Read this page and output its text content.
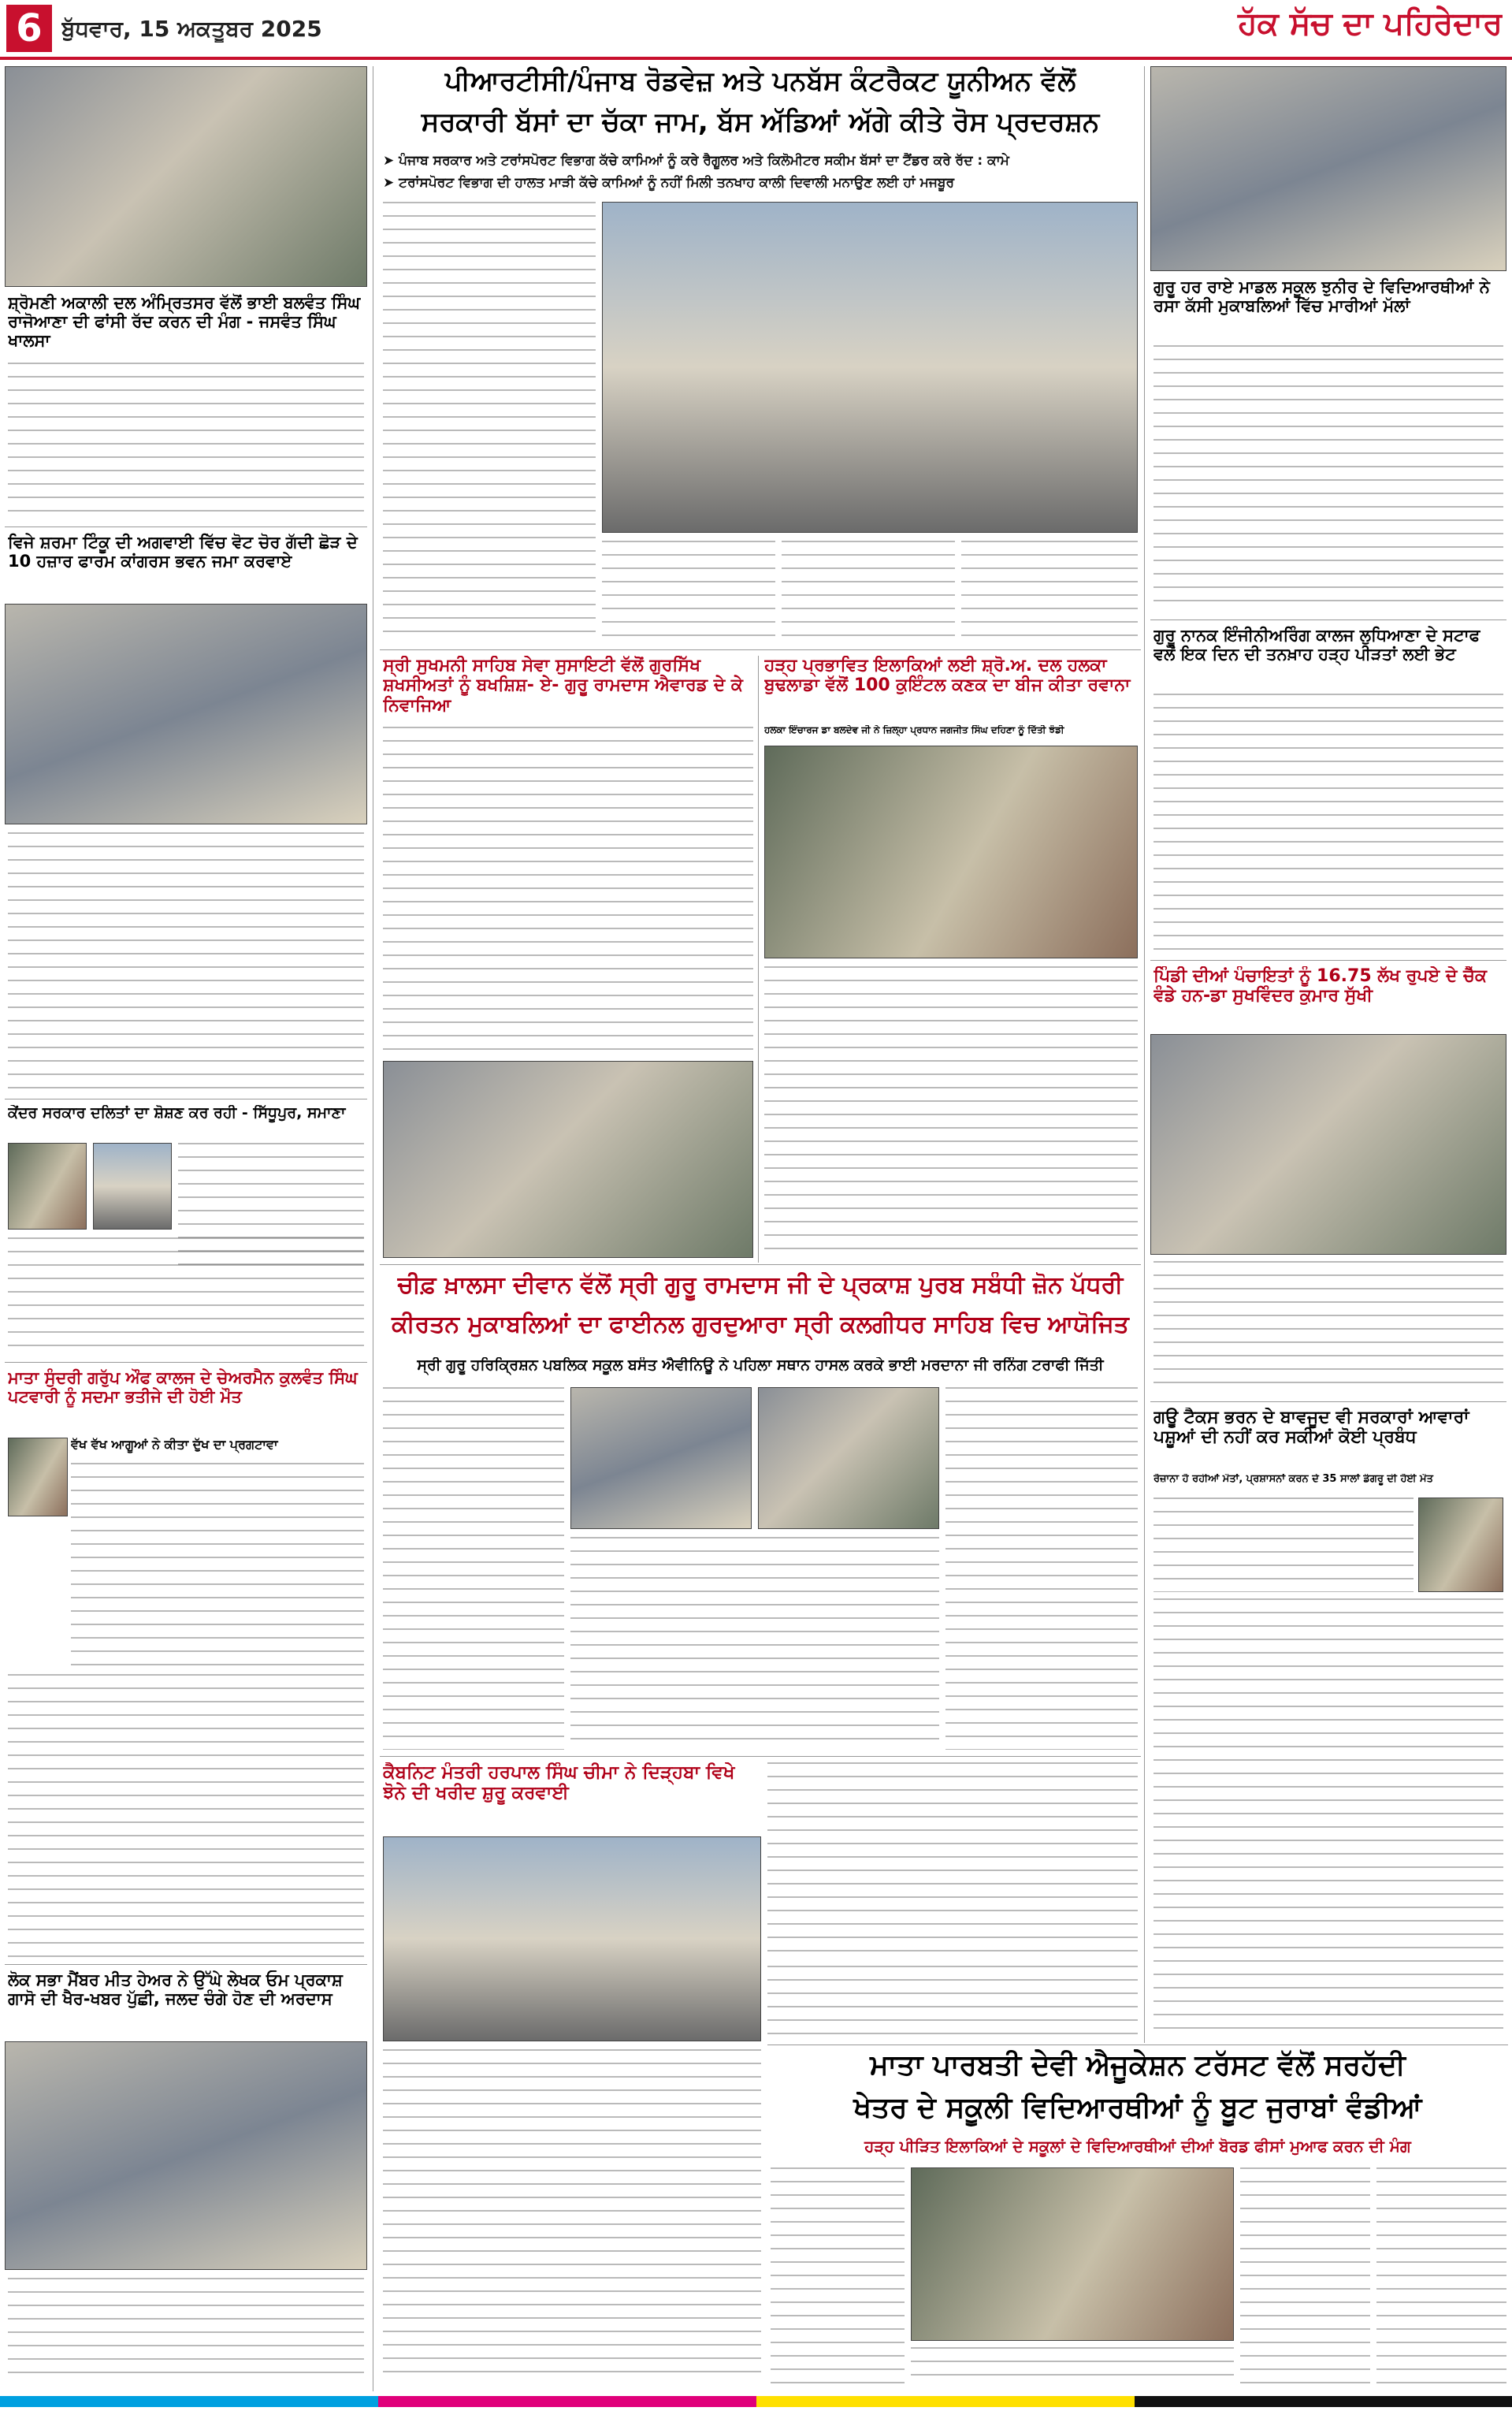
6 ਬੁੱਧਵਾਰ, 15 ਅਕਤੂਬਰ 2025	ਹੱਕ ਸੱਚ ਦਾ ਪਹਿਰੇਦਾਰ
ਸ਼੍ਰੋਮਣੀ ਅਕਾਲੀ ਦਲ ਅੰਮ੍ਰਿਤਸਰ ਵੱਲੋਂ ਭਾਈ ਬਲਵੰਤ ਸਿੰਘ ਰਾਜੋਆਣਾ ਦੀ ਫਾਂਸੀ ਰੱਦ ਕਰਨ ਦੀ ਮੰਗ - ਜਸਵੰਤ ਸਿੰਘ ਖਾਲਸਾ
ਵਿਜੇ ਸ਼ਰਮਾ ਟਿੰਕੂ ਦੀ ਅਗਵਾਈ ਵਿੱਚ ਵੋਟ ਚੋਰ ਗੱਦੀ ਛੋੜ ਦੇ 10 ਹਜ਼ਾਰ ਫਾਰਮ ਕਾਂਗਰਸ ਭਵਨ ਜਮਾ ਕਰਵਾਏ
ਕੇਂਦਰ ਸਰਕਾਰ ਦਲਿਤਾਂ ਦਾ ਸ਼ੋਸ਼ਣ ਕਰ ਰਹੀ - ਸਿੱਧੂਪੁਰ, ਸਮਾਣਾ
ਮਾਤਾ ਸੁੰਦਰੀ ਗਰੁੱਪ ਔਫ ਕਾਲਜ ਦੇ ਚੇਅਰਮੈਨ ਕੁਲਵੰਤ ਸਿੰਘ ਪਟਵਾਰੀ ਨੂੰ ਸਦਮਾ ਭਤੀਜੇ ਦੀ ਹੋਈ ਮੌਤ
ਵੱਖ ਵੱਖ ਆਗੂਆਂ ਨੇ ਕੀਤਾ ਦੁੱਖ ਦਾ ਪ੍ਰਗਟਾਵਾ
ਲੋਕ ਸਭਾ ਮੈਂਬਰ ਮੀਤ ਹੇਅਰ ਨੇ ਉੱਘੇ ਲੇਖਕ ਓਮ ਪ੍ਰਕਾਸ਼ ਗਾਸੋ ਦੀ ਖੈਰ-ਖਬਰ ਪੁੱਛੀ, ਜਲਦ ਚੰਗੇ ਹੋਣ ਦੀ ਅਰਦਾਸ
ਪੀਆਰਟੀਸੀ/ਪੰਜਾਬ ਰੋਡਵੇਜ਼ ਅਤੇ ਪਨਬੱਸ ਕੰਟਰੈਕਟ ਯੂਨੀਅਨ ਵੱਲੋਂ
ਸਰਕਾਰੀ ਬੱਸਾਂ ਦਾ ਚੱਕਾ ਜਾਮ, ਬੱਸ ਅੱਡਿਆਂ ਅੱਗੇ ਕੀਤੇ ਰੋਸ ਪ੍ਰਦਰਸ਼ਨ
➤ ਪੰਜਾਬ ਸਰਕਾਰ ਅਤੇ ਟਰਾਂਸਪੋਰਟ ਵਿਭਾਗ ਕੱਚੇ ਕਾਮਿਆਂ ਨੂੰ ਕਰੇ ਰੈਗੂਲਰ ਅਤੇ ਕਿਲੋਮੀਟਰ ਸਕੀਮ ਬੱਸਾਂ ਦਾ ਟੈਂਡਰ ਕਰੇ ਰੱਦ : ਕਾਮੇ
➤ ਟਰਾਂਸਪੋਰਟ ਵਿਭਾਗ ਦੀ ਹਾਲਤ ਮਾੜੀ ਕੱਚੇ ਕਾਮਿਆਂ ਨੂੰ ਨਹੀਂ ਮਿਲੀ ਤਨਖਾਹ ਕਾਲੀ ਦਿਵਾਲੀ ਮਨਾਉਣ ਲਈ ਹਾਂ ਮਜਬੂਰ
ਸ੍ਰੀ ਸੁਖਮਨੀ ਸਾਹਿਬ ਸੇਵਾ ਸੁਸਾਇਟੀ ਵੱਲੋਂ ਗੁਰਸਿੱਖ ਸ਼ਖਸੀਅਤਾਂ ਨੂੰ ਬਖਸ਼ਿਸ਼- ਏ- ਗੁਰੂ ਰਾਮਦਾਸ ਐਵਾਰਡ ਦੇ ਕੇ ਨਿਵਾਜਿਆ
ਹੜ੍ਹ ਪ੍ਰਭਾਵਿਤ ਇਲਾਕਿਆਂ ਲਈ ਸ਼੍ਰੋ.ਅ. ਦਲ ਹਲਕਾ ਬੁਢਲਾਡਾ ਵੱਲੋਂ 100 ਕੁਇੰਟਲ ਕਣਕ ਦਾ ਬੀਜ ਕੀਤਾ ਰਵਾਨਾ
ਹਲਕਾ ਇੰਚਾਰਜ ਡਾ ਬਲਦੇਵ ਜੀ ਨੇ ਜ਼ਿਲ੍ਹਾ ਪ੍ਰਧਾਨ ਜਗਜੀਤ ਸਿੰਘ ਦਹਿਣਾ ਨੂੰ ਦਿੱਤੀ ਝੰਡੀ
ਚੀਫ਼ ਖ਼ਾਲਸਾ ਦੀਵਾਨ ਵੱਲੋਂ ਸ੍ਰੀ ਗੁਰੂ ਰਾਮਦਾਸ ਜੀ ਦੇ ਪ੍ਰਕਾਸ਼ ਪੁਰਬ ਸਬੰਧੀ ਜ਼ੋਨ ਪੱਧਰੀ
ਕੀਰਤਨ ਮੁਕਾਬਲਿਆਂ ਦਾ ਫਾਈਨਲ ਗੁਰਦੁਆਰਾ ਸ੍ਰੀ ਕਲਗੀਧਰ ਸਾਹਿਬ ਵਿਚ ਆਯੋਜਿਤ
ਸ੍ਰੀ ਗੁਰੂ ਹਰਿਕ੍ਰਿਸ਼ਨ ਪਬਲਿਕ ਸਕੂਲ ਬਸੰਤ ਐਵੀਨਿਊ ਨੇ ਪਹਿਲਾ ਸਥਾਨ ਹਾਸਲ ਕਰਕੇ ਭਾਈ ਮਰਦਾਨਾ ਜੀ ਰਨਿੰਗ ਟਰਾਫੀ ਜਿੱਤੀ
ਕੈਬਨਿਟ ਮੰਤਰੀ ਹਰਪਾਲ ਸਿੰਘ ਚੀਮਾ ਨੇ ਦਿੜ੍ਹਬਾ ਵਿਖੇ ਝੋਨੇ ਦੀ ਖਰੀਦ ਸ਼ੁਰੂ ਕਰਵਾਈ
ਮਾਤਾ ਪਾਰਬਤੀ ਦੇਵੀ ਐਜੂਕੇਸ਼ਨ ਟਰੱਸਟ ਵੱਲੋਂ ਸਰਹੱਦੀ
ਖੇਤਰ ਦੇ ਸਕੂਲੀ ਵਿਦਿਆਰਥੀਆਂ ਨੂੰ ਬੂਟ ਜੁਰਾਬਾਂ ਵੰਡੀਆਂ
ਹੜ੍ਹ ਪੀੜਿਤ ਇਲਾਕਿਆਂ ਦੇ ਸਕੂਲਾਂ ਦੇ ਵਿਦਿਆਰਥੀਆਂ ਦੀਆਂ ਬੋਰਡ ਫੀਸਾਂ ਮੁਆਫ ਕਰਨ ਦੀ ਮੰਗ
ਗੁਰੂ ਹਰ ਰਾਏ ਮਾਡਲ ਸਕੂਲ ਝੁਨੀਰ ਦੇ ਵਿਦਿਆਰਥੀਆਂ ਨੇ ਰਸਾ ਕੱਸੀ ਮੁਕਾਬਲਿਆਂ ਵਿੱਚ ਮਾਰੀਆਂ ਮੱਲਾਂ
ਗੁਰੂ ਨਾਨਕ ਇੰਜੀਨੀਅਰਿੰਗ ਕਾਲਜ ਲੁਧਿਆਣਾ ਦੇ ਸਟਾਫ ਵਲੋਂ ਇਕ ਦਿਨ ਦੀ ਤਨਖ਼ਾਹ ਹੜ੍ਹ ਪੀੜਤਾਂ ਲਈ ਭੇਟ
ਪਿੰਡੀ ਦੀਆਂ ਪੰਚਾਇਤਾਂ ਨੂੰ 16.75 ਲੱਖ ਰੁਪਏ ਦੇ ਚੈੱਕ ਵੰਡੇ ਹਨ-ਡਾ ਸੁਖਵਿੰਦਰ ਕੁਮਾਰ ਸੁੱਖੀ
ਗਊ ਟੈਕਸ ਭਰਨ ਦੇ ਬਾਵਜੂਦ ਵੀ ਸਰਕਾਰਾਂ ਆਵਾਰਾਂ ਪਸ਼ੂਆਂ ਦੀ ਨਹੀਂ ਕਰ ਸਕੀਆਂ ਕੋਈ ਪ੍ਰਬੰਧ
ਰੋਜ਼ਾਨਾ ਹੋ ਰਹੀਆਂ ਮੌਤਾਂ, ਪ੍ਰਸ਼ਾਸਨਾਂ ਕਰਨ ਦੇ 35 ਸਾਲਾਂ ਡੰਗਰੂ ਦੀ ਹੋਈ ਮੌਤ
